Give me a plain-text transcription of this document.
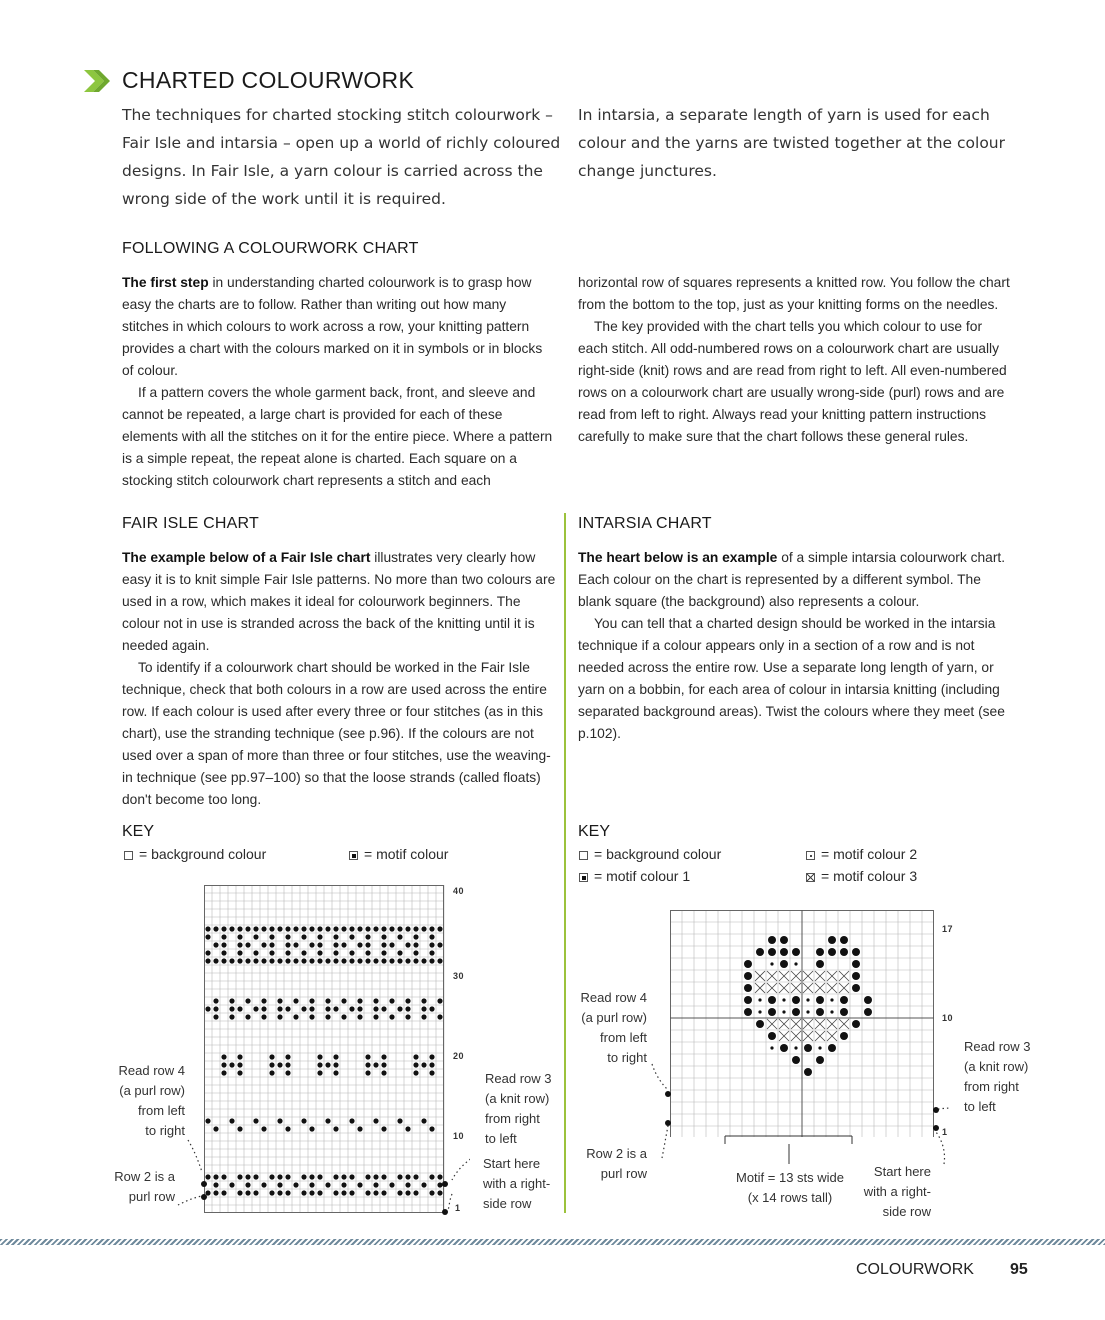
CHARTED COLOURWORK
The techniques for charted stocking stitch colourwork – Fair Isle and intarsia – open up a world of richly coloured designs. In Fair Isle, a yarn colour is carried across the wrong side of the work until it is required.
In intarsia, a separate length of yarn is used for each colour and the yarns are twisted together at the colour change junctures.
FOLLOWING A COLOURWORK CHART

The first step in understanding charted colourwork is to grasp how easy the charts are to follow. Rather than writing out how many stitches in which colours to work across a row, your knitting pattern provides a chart with the colours marked on it in symbols or in blocks of colour.

If a pattern covers the whole garment back, front, and sleeve and cannot be repeated, a large chart is provided for each of these elements with all the stitches on it for the entire piece. Where a pattern is a simple repeat, the repeat alone is charted. Each square on a stocking stitch colourwork chart represents a stitch and each

horizontal row of squares represents a knitted row. You follow the chart from the bottom to the top, just as your knitting forms on the needles.

The key provided with the chart tells you which colour to use for each stitch. All odd-numbered rows on a colourwork chart are usually right-side (knit) rows and are read from right to left. All even-numbered rows on a colourwork chart are usually wrong-side (purl) rows and are read from left to right. Always read your knitting pattern instructions carefully to make sure that the chart follows these general rules.

FAIR ISLE CHART

The example below of a Fair Isle chart illustrates very clearly how easy it is to knit simple Fair Isle patterns. No more than two colours are used in a row, which makes it ideal for colourwork beginners. The colour not in use is stranded across the back of the knitting until it is needed again.

To identify if a colourwork chart should be worked in the Fair Isle technique, check that both colours in a row are used across the entire row. If each colour is used after every three or four stitches (as in this chart), use the stranding technique (see p.96). If the colours are not used over a span of more than three or four stitches, use the weaving-in technique (see pp.97–100) so that the loose strands (called floats) don't become too long.

KEY
= background colour	= motif colour
40
30
20
10
1
Read row 4
(a purl row)
from left
to right
Read row 3
(a knit row)
from right
to left
Row 2 is a
purl row
Start here
with a right-
side row
INTARSIA CHART

The heart below is an example of a simple intarsia colourwork chart. Each colour on the chart is represented by a different symbol. The blank square (the background) also represents a colour.

You can tell that a charted design should be worked in the intarsia technique if a colour appears only in a section of a row and is not needed across the entire row. Use a separate long length of yarn, or yarn on a bobbin, for each area of colour in intarsia knitting (including separated background areas). Twist the colours where they meet (see p.102).

KEY
= background colour
= motif colour 1
= motif colour 2
= motif colour 3
17
10
1
Read row 4
(a purl row)
from left
to right
Read row 3
(a knit row)
from right
to left
Row 2 is a
purl row	Motif = 13 sts wide
(x 14 rows tall)
Start here
with a right-
side row
COLOURWORK 95
